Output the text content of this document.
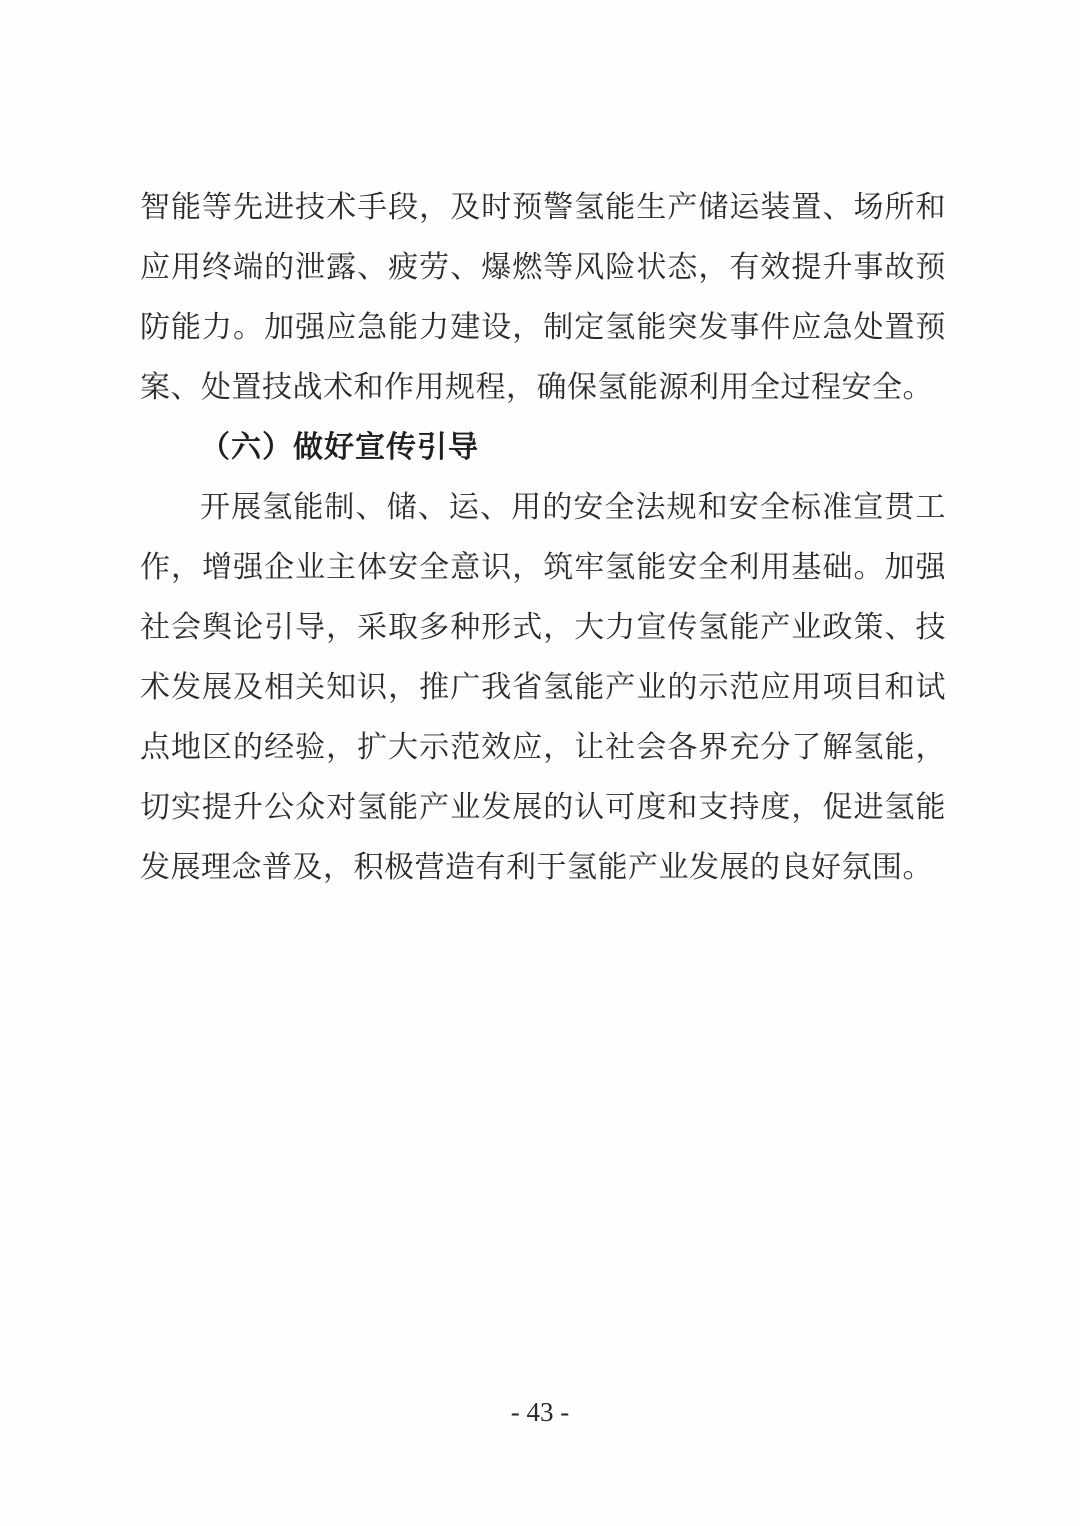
智能等先进技术手段，及时预警氢能生产储运装置、场所和应用终端的泄露、疲劳、爆燃等风险状态，有效提升事故预防能力。加强应急能力建设，制定氢能突发事件应急处置预案、处置技战术和作用规程，确保氢能源利用全过程安全。

（六）做好宣传引导

开展氢能制、储、运、用的安全法规和安全标准宣贯工作，增强企业主体安全意识，筑牢氢能安全利用基础。加强社会舆论引导，采取多种形式，大力宣传氢能产业政策、技术发展及相关知识，推广我省氢能产业的示范应用项目和试点地区的经验，扩大示范效应，让社会各界充分了解氢能，切实提升公众对氢能产业发展的认可度和支持度，促进氢能发展理念普及，积极营造有利于氢能产业发展的良好氛围。

- 43 -
